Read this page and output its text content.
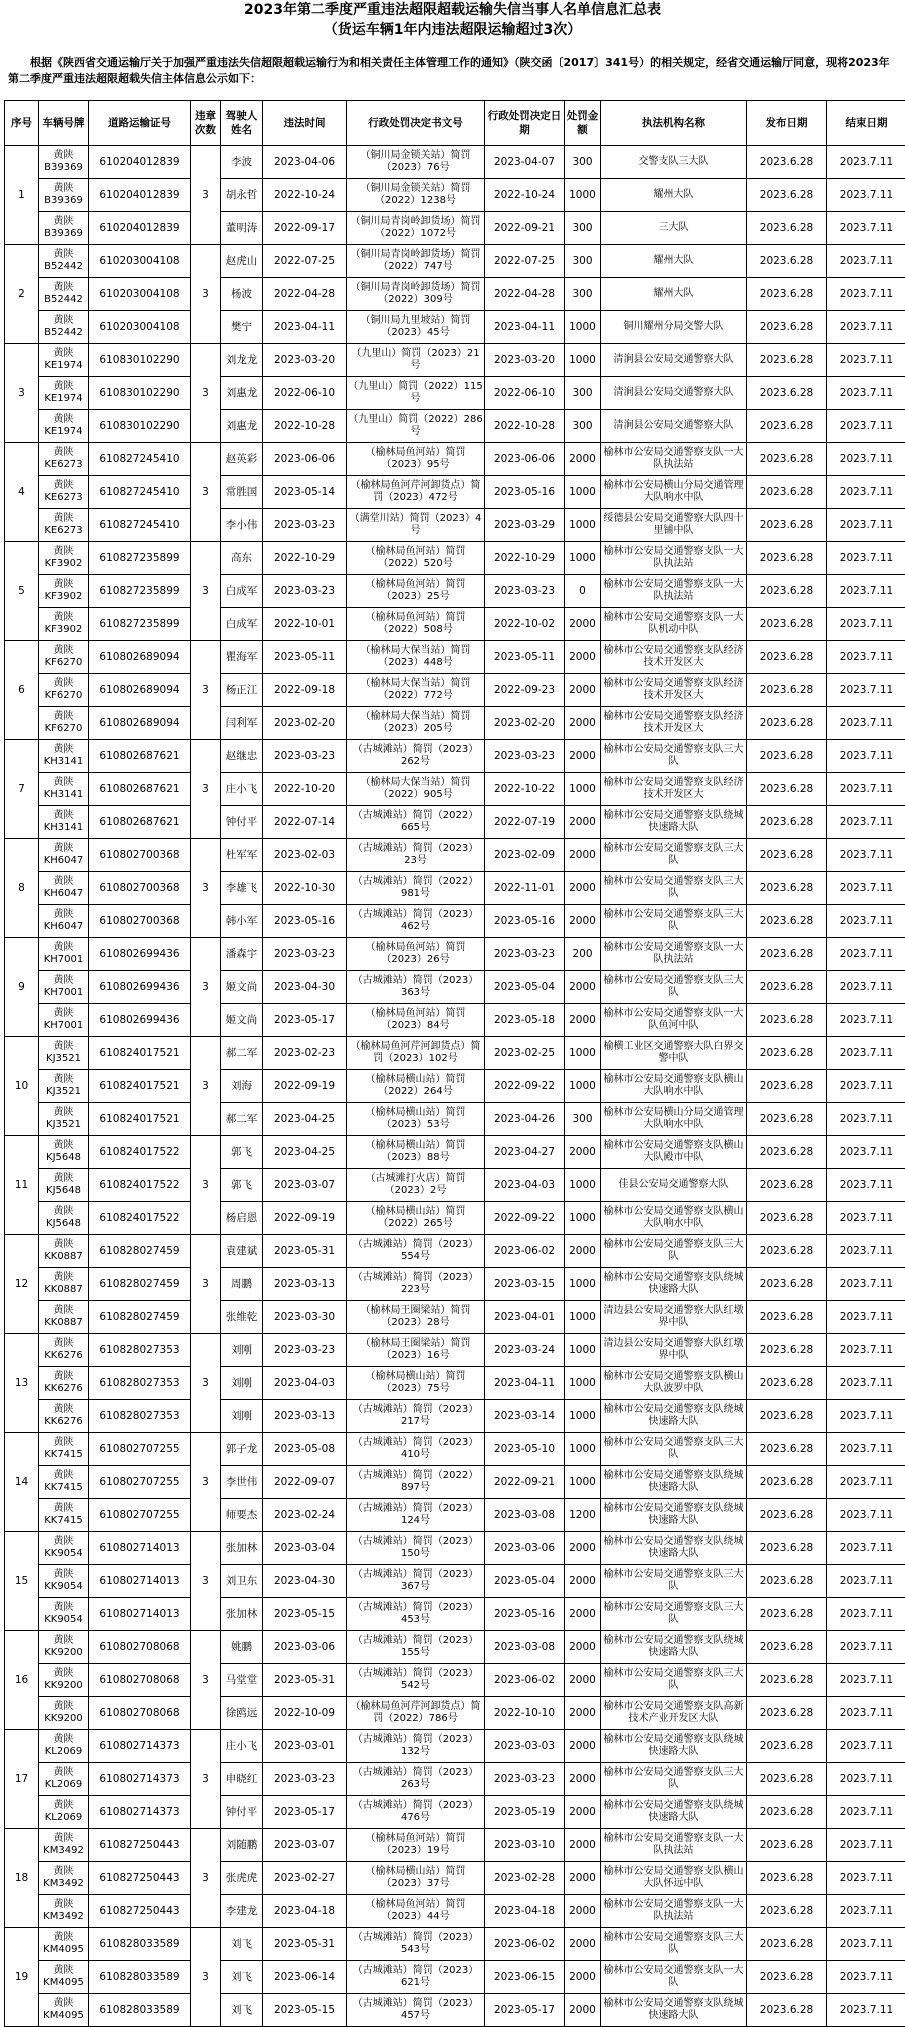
2023年第二季度严重违法超限超载运输失信当事人名单信息汇总表
（货运车辆1年内违法超限运输超过3次）
根据《陕西省交通运输厅关于加强严重违法失信超限超载运输行为和相关责任主体管理工作的通知》（陕交函〔2017〕341号）的相关规定，经省交通运输厅同意，现将2023年第二季度严重违法超限超载失信主体信息公示如下：
序号	车辆号牌	道路运输证号	违章次数	驾驶人姓名	违法时间	行政处罚决定书文号	行政处罚决定日期	处罚金额	执法机构名称	发布日期	结束日期
1	黄陕B39369	610204012839	3	李波	2023-04-06	（铜川局金锁关站）简罚（2023）76号	2023-04-07	300	交警支队三大队	2023.6.28	2023.7.11
	黄陕B39369	610204012839		胡永哲	2022-10-24	（铜川局金锁关站）简罚（2022）1238号	2022-10-24	1000	耀州大队	2023.6.28	2023.7.11
	黄陕B39369	610204012839		董明涛	2022-09-17	（铜川局青岗岭卸货场）简罚（2022）1072号	2022-09-21	300	三大队	2023.6.28	2023.7.11
2	黄陕B52442	610203004108	3	赵虎山	2022-07-25	（铜川局青岗岭卸货场）简罚（2022）747号	2022-07-25	300	耀州大队	2023.6.28	2023.7.11
	黄陕B52442	610203004108		杨波	2022-04-28	（铜川局青岗岭卸货场）简罚（2022）309号	2022-04-28	300	耀州大队	2023.6.28	2023.7.11
	黄陕B52442	610203004108		樊宁	2023-04-11	（铜川局九里坡站）简罚（2023）45号	2023-04-11	1000	铜川耀州分局交警大队	2023.6.28	2023.7.11
3	黄陕KE1974	610830102290	3	刘龙龙	2023-03-20	（九里山）简罚（2023）21号	2023-03-20	1000	清涧县公安局交通警察大队	2023.6.28	2023.7.11
	黄陕KE1974	610830102290		刘惠龙	2022-06-10	（九里山）简罚（2022）115号	2022-06-10	300	清涧县公安局交通警察大队	2023.6.28	2023.7.11
	黄陕KE1974	610830102290		刘惠龙	2022-10-28	（九里山）简罚（2022）286号	2022-10-28	300	清涧县公安局交通警察大队	2023.6.28	2023.7.11
4	黄陕KE6273	610827245410	3	赵英彩	2023-06-06	（榆林局鱼河站）简罚（2023）95号	2023-06-06	2000	榆林市公安局交通警察支队一大队执法站	2023.6.28	2023.7.11
	黄陕KE6273	610827245410		常胜国	2023-05-14	（榆林局鱼河芹河卸货点）简罚（2023）472号	2023-05-16	1000	榆林市公安局横山分局交通管理大队响水中队	2023.6.28	2023.7.11
	黄陕KE6273	610827245410		李小伟	2023-03-23	（满堂川站）简罚（2023）4号	2023-03-29	1000	绥德县公安局交通警察大队四十里铺中队	2023.6.28	2023.7.11
5	黄陕KF3902	610827235899	3	高东	2022-10-29	（榆林局鱼河站）简罚（2022）520号	2022-10-29	1000	榆林市公安局交通警察支队一大队执法站	2023.6.28	2023.7.11
	黄陕KF3902	610827235899		白成军	2023-03-23	（榆林局鱼河站）简罚（2023）25号	2023-03-23	0	榆林市公安局交通警察支队一大队执法站	2023.6.28	2023.7.11
	黄陕KF3902	610827235899		白成军	2022-10-01	（榆林局鱼河站）简罚（2022）508号	2022-10-02	2000	榆林市公安局交通警察支队一大队机动中队	2023.6.28	2023.7.11
6	黄陕KF6270	610802689094	3	瞿海军	2023-05-11	（榆林局大保当站）简罚（2023）448号	2023-05-11	2000	榆林市公安局交通警察支队经济技术开发区大	2023.6.28	2023.7.11
	黄陕KF6270	610802689094		杨正江	2022-09-18	（榆林局大保当站）简罚（2022）772号	2022-09-23	2000	榆林市公安局交通警察支队经济技术开发区大	2023.6.28	2023.7.11
	黄陕KF6270	610802689094		闫利军	2023-02-20	（榆林局大保当站）简罚（2023）205号	2023-02-20	2000	榆林市公安局交通警察支队经济技术开发区大	2023.6.28	2023.7.11
7	黄陕KH3141	610802687621	3	赵继忠	2023-03-23	（古城滩站）简罚（2023）262号	2023-03-23	2000	榆林市公安局交通警察支队三大队	2023.6.28	2023.7.11
	黄陕KH3141	610802687621		庄小飞	2022-10-20	（榆林局大保当站）简罚（2022）905号	2022-10-22	1000	榆林市公安局交通警察支队经济技术开发区大	2023.6.28	2023.7.11
	黄陕KH3141	610802687621		钟付平	2022-07-14	（古城滩站）简罚（2022）665号	2022-07-19	2000	榆林市公安局交通警察支队绕城快速路大队	2023.6.28	2023.7.11
8	黄陕KH6047	610802700368	3	杜军军	2023-02-03	（古城滩站）简罚（2023）23号	2023-02-09	2000	榆林市公安局交通警察支队三大队	2023.6.28	2023.7.11
	黄陕KH6047	610802700368		李雄飞	2022-10-30	（古城滩站）简罚（2022）981号	2022-11-01	2000	榆林市公安局交通警察支队三大队	2023.6.28	2023.7.11
	黄陕KH6047	610802700368		韩小军	2023-05-16	（古城滩站）简罚（2023）462号	2023-05-16	2000	榆林市公安局交通警察支队三大队	2023.6.28	2023.7.11
9	黄陕KH7001	610802699436	3	潘森宇	2023-03-23	（榆林局鱼河站）简罚（2023）26号	2023-03-23	200	榆林市公安局交通警察支队一大队执法站	2023.6.28	2023.7.11
	黄陕KH7001	610802699436		姬文尚	2023-04-30	（古城滩站）简罚（2023）363号	2023-05-04	2000	榆林市公安局交通警察支队三大队	2023.6.28	2023.7.11
	黄陕KH7001	610802699436		姬文尚	2023-05-17	（榆林局鱼河站）简罚（2023）84号	2023-05-18	2000	榆林市公安局交通警察支队一大队鱼河中队	2023.6.28	2023.7.11
10	黄陕KJ3521	610824017521	3	郝二军	2023-02-23	（榆林局鱼河芹河卸货点）简罚（2023）102号	2023-02-25	1000	榆横工业区交通警察大队白界交警中队	2023.6.28	2023.7.11
	黄陕KJ3521	610824017521		刘海	2022-09-19	（榆林局横山站）简罚（2022）264号	2022-09-22	1000	榆林市公安局交通警察支队横山大队响水中队	2023.6.28	2023.7.11
	黄陕KJ3521	610824017521		郝二军	2023-04-25	（榆林局横山站）简罚（2023）53号	2023-04-26	300	榆林市公安局横山分局交通管理大队响水中队	2023.6.28	2023.7.11
11	黄陕KJ5648	610824017522	3	郭飞	2023-04-25	（榆林局横山站）简罚（2023）88号	2023-04-27	2000	榆林市公安局交通警察支队横山大队殿市中队	2023.6.28	2023.7.11
	黄陕KJ5648	610824017522		郭飞	2023-03-07	（古城滩打火店）简罚（2023）2号	2023-04-03	1000	佳县公安局交通警察大队	2023.6.28	2023.7.11
	黄陕KJ5648	610824017522		杨启恩	2022-09-19	（榆林局横山站）简罚（2022）265号	2022-09-22	1000	榆林市公安局交通警察支队横山大队响水中队	2023.6.28	2023.7.11
12	黄陕KK0887	610828027459	3	袁建斌	2023-05-31	（古城滩站）简罚（2023）554号	2023-06-02	2000	榆林市公安局交通警察支队三大队	2023.6.28	2023.7.11
	黄陕KK0887	610828027459		周鹏	2023-03-13	（古城滩站）简罚（2023）223号	2023-03-15	1000	榆林市公安局交通警察支队绕城快速路大队	2023.6.28	2023.7.11
	黄陕KK0887	610828027459		张维乾	2023-03-30	（榆林局王圈梁站）简罚（2023）28号	2023-04-01	1000	清边县公安局交通警察大队红墩界中队	2023.6.28	2023.7.11
13	黄陕KK6276	610828027353	3	刘刚	2023-03-23	（榆林局王圈梁站）简罚（2023）16号	2023-03-24	1000	清边县公安局交通警察大队红墩界中队	2023.6.28	2023.7.11
	黄陕KK6276	610828027353		刘刚	2023-04-03	（榆林局横山站）简罚（2023）75号	2023-04-11	1000	榆林市公安局交通警察支队横山大队波罗中队	2023.6.28	2023.7.11
	黄陕KK6276	610828027353		刘刚	2023-03-13	（古城滩站）简罚（2023）217号	2023-03-14	1000	榆林市公安局交通警察支队绕城快速路大队	2023.6.28	2023.7.11
14	黄陕KK7415	610802707255	3	郭子龙	2023-05-08	（古城滩站）简罚（2023）410号	2023-05-10	1000	榆林市公安局交通警察支队三大队	2023.6.28	2023.7.11
	黄陕KK7415	610802707255		李世伟	2022-09-07	（古城滩站）简罚（2022）897号	2022-09-21	1000	榆林市公安局交通警察支队绕城快速路大队	2023.6.28	2023.7.11
	黄陕KK7415	610802707255		师要杰	2023-02-24	（古城滩站）简罚（2023）124号	2023-03-08	1200	榆林市公安局交通警察支队绕城快速路大队	2023.6.28	2023.7.11
15	黄陕KK9054	610802714013	3	张加林	2023-03-04	（古城滩站）简罚（2023）150号	2023-03-06	2000	榆林市公安局交通警察支队绕城快速路大队	2023.6.28	2023.7.11
	黄陕KK9054	610802714013		刘卫东	2023-04-30	（古城滩站）简罚（2023）367号	2023-05-04	2000	榆林市公安局交通警察支队三大队	2023.6.28	2023.7.11
	黄陕KK9054	610802714013		张加林	2023-05-15	（古城滩站）简罚（2023）453号	2023-05-16	2000	榆林市公安局交通警察支队三大队	2023.6.28	2023.7.11
16	黄陕KK9200	610802708068	3	姚鹏	2023-03-06	（古城滩站）简罚（2023）155号	2023-03-08	2000	榆林市公安局交通警察支队绕城快速路大队	2023.6.28	2023.7.11
	黄陕KK9200	610802708068		马堂堂	2023-05-31	（古城滩站）简罚（2023）542号	2023-06-02	2000	榆林市公安局交通警察支队三大队	2023.6.28	2023.7.11
	黄陕KK9200	610802708068		徐鸥远	2022-10-09	（榆林局鱼河芹河卸货点）简罚（2022）786号	2022-10-10	2000	榆林市公安局交通警察支队高新技术产业开发区大队	2023.6.28	2023.7.11
17	黄陕KL2069	610802714373	3	庄小飞	2023-03-01	（古城滩站）简罚（2023）132号	2023-03-03	2000	榆林市公安局交通警察支队绕城快速路大队	2023.6.28	2023.7.11
	黄陕KL2069	610802714373		申晓红	2023-03-23	（古城滩站）简罚（2023）263号	2023-03-23	2000	榆林市公安局交通警察支队三大队	2023.6.28	2023.7.11
	黄陕KL2069	610802714373		钟付平	2023-05-17	（古城滩站）简罚（2023）476号	2023-05-19	2000	榆林市公安局交通警察支队绕城快速路大队	2023.6.28	2023.7.11
18	黄陕KM3492	610827250443	3	刘随鹏	2023-03-07	（榆林局鱼河站）简罚（2023）19号	2023-03-10	2000	榆林市公安局交通警察支队一大队执法站	2023.6.28	2023.7.11
	黄陕KM3492	610827250443		张虎虎	2023-02-27	（榆林局横山站）简罚（2023）37号	2023-02-28	2000	榆林市公安局交通警察支队横山大队怀远中队	2023.6.28	2023.7.11
	黄陕KM3492	610827250443		李建龙	2023-04-18	（榆林局鱼河站）简罚（2023）44号	2023-04-18	2000	榆林市公安局交通警察支队一大队执法站	2023.6.28	2023.7.11
19	黄陕KM4095	610828033589	3	刘飞	2023-05-31	（古城滩站）简罚（2023）543号	2023-06-02	2000	榆林市公安局交通警察支队三大队	2023.6.28	2023.7.11
	黄陕KM4095	610828033589		刘飞	2023-06-14	（古城滩站）简罚（2023）621号	2023-06-15	2000	榆林市公安局交通警察支队一大队	2023.6.28	2023.7.11
	黄陕KM4095	610828033589		刘飞	2023-05-15	（古城滩站）简罚（2023）457号	2023-05-17	2000	榆林市公安局交通警察支队绕城快速路大队	2023.6.28	2023.7.11
